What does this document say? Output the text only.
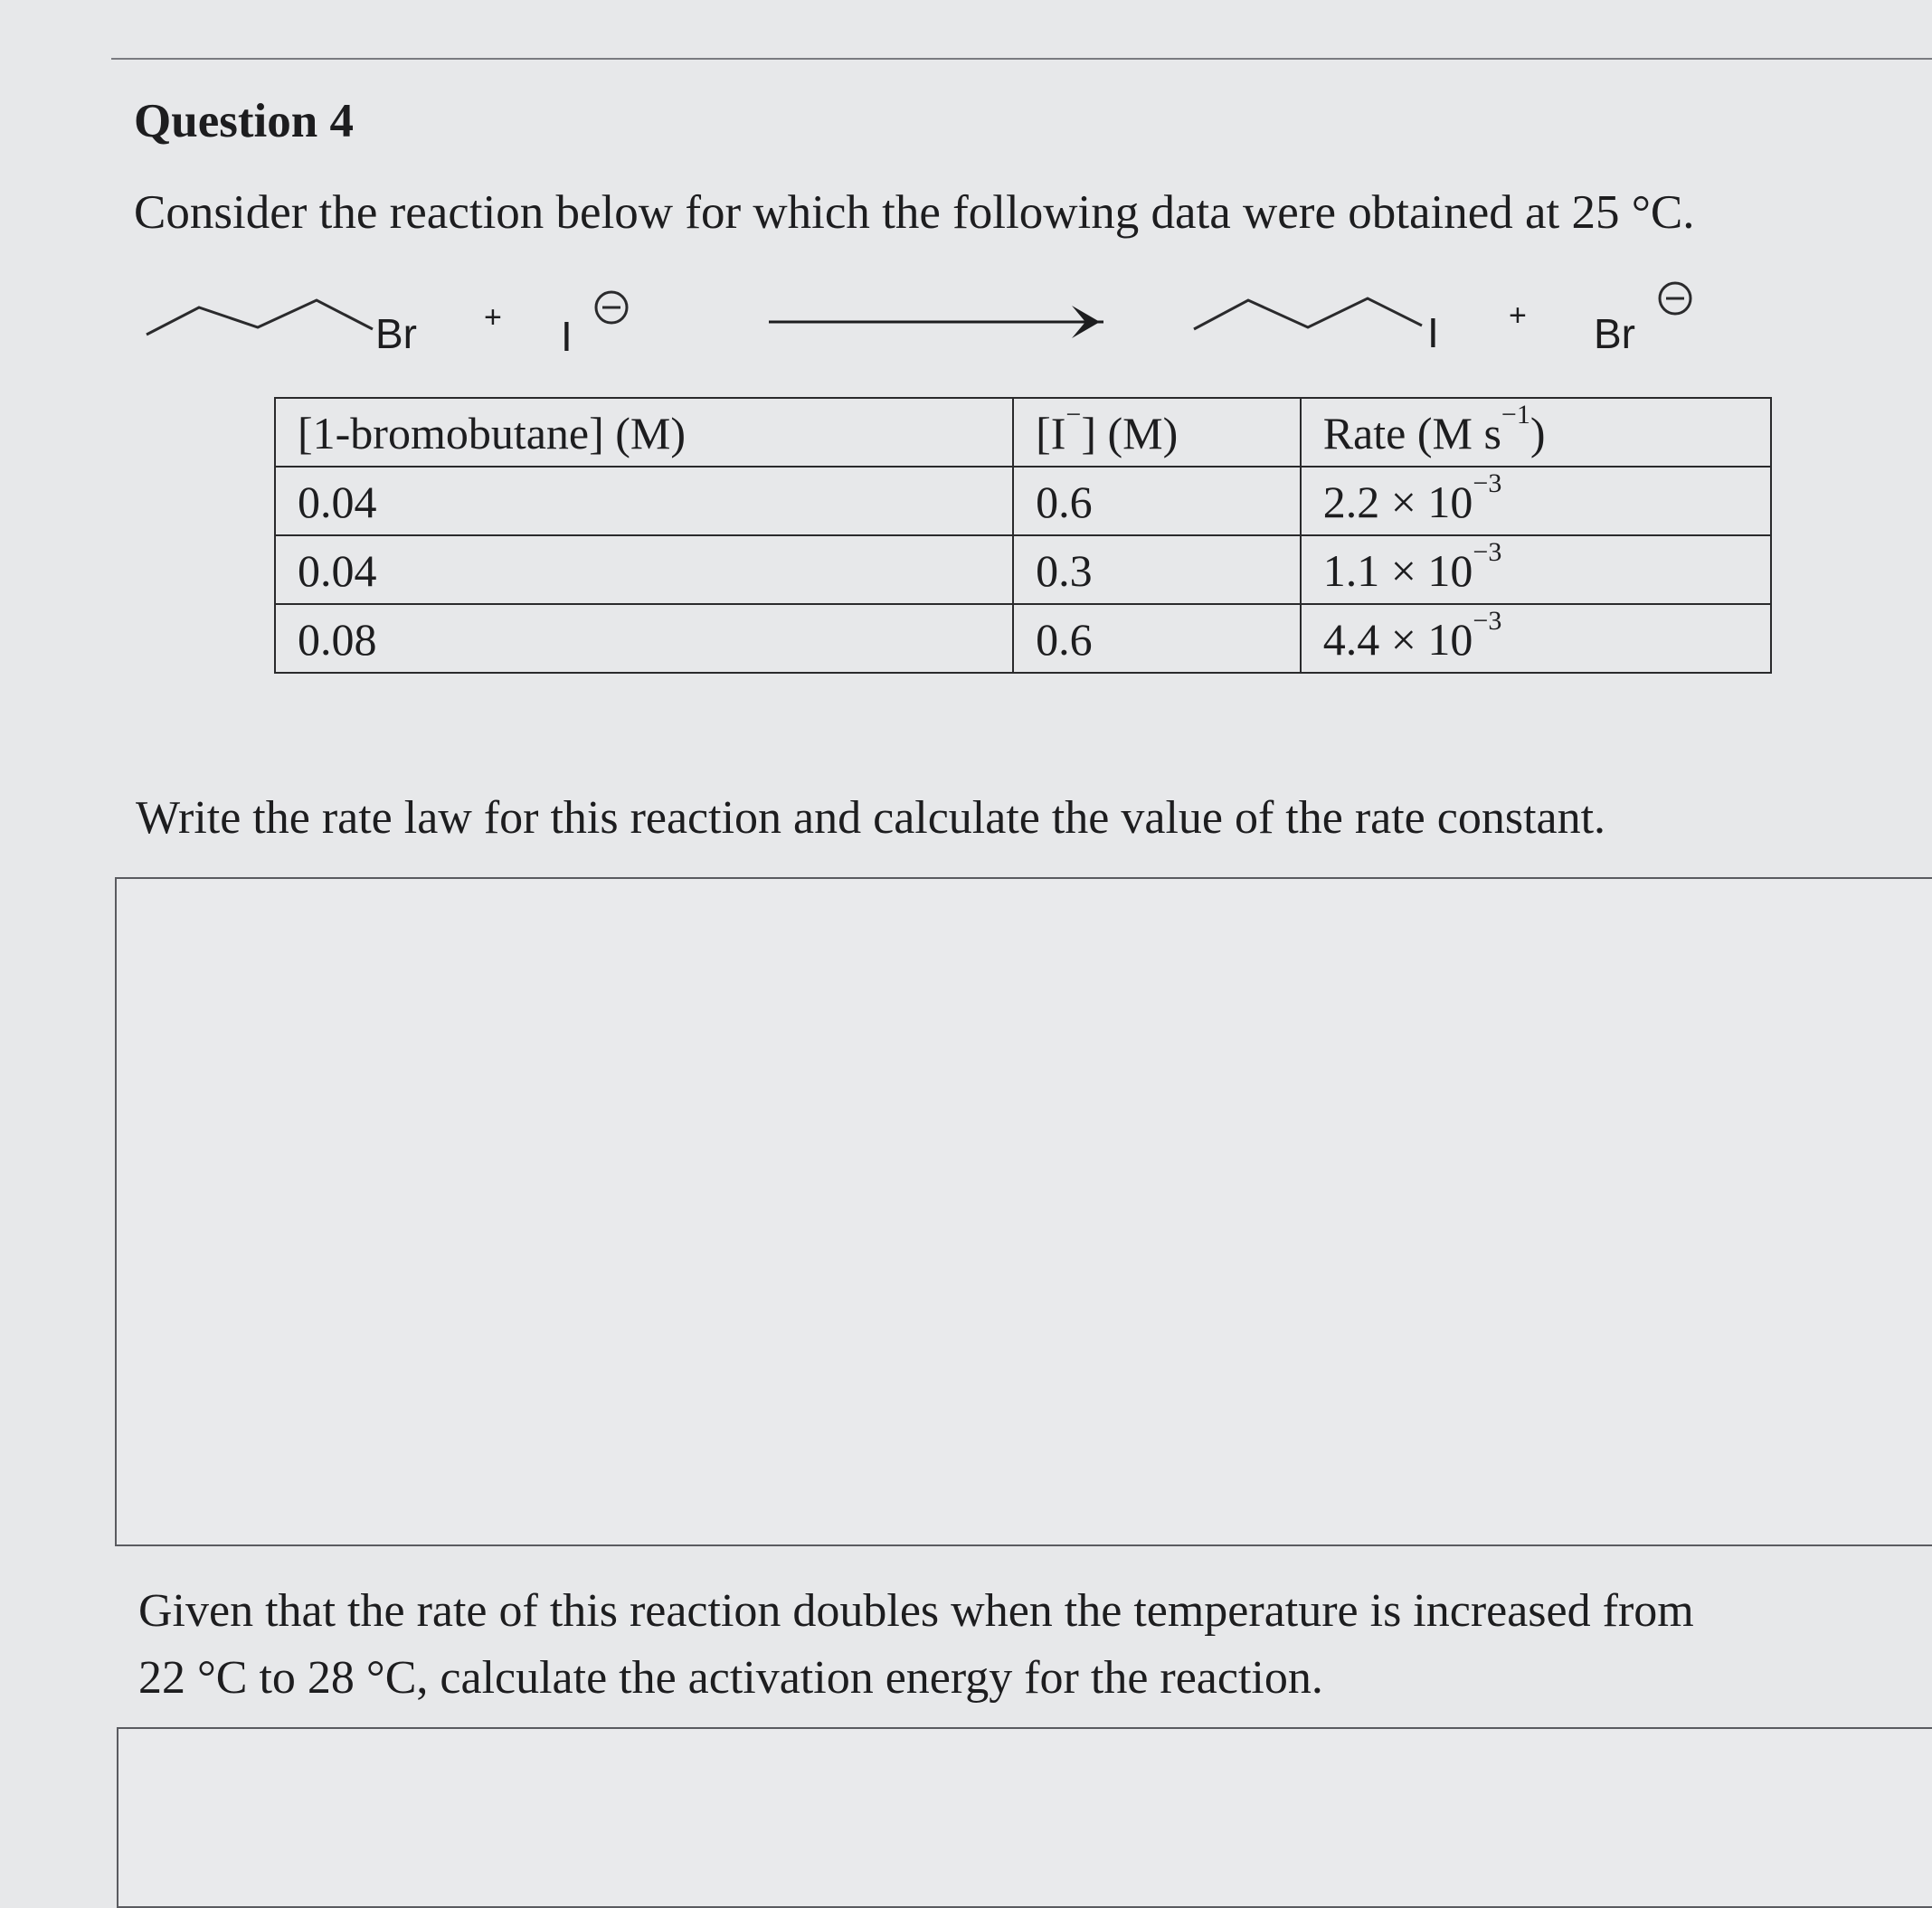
Question 4

Consider the reaction below for which the following data were obtained at 25 °C.

Br + I	I + Br
[1-bromobutane] (M)	[I−] (M)	Rate (M $s^{-1}$)
0.04	0.6	$2.2 \times 10^{-3}$
0.04	0.3	$1.1 \times 10^{-3}$
0.08	0.6	$4.4 \times 10^{-3}$

Write the rate law for this reaction and calculate the value of the rate constant.

Given that the rate of this reaction doubles when the temperature is increased from
22 °C to 28 °C, calculate the activation energy for the reaction.
